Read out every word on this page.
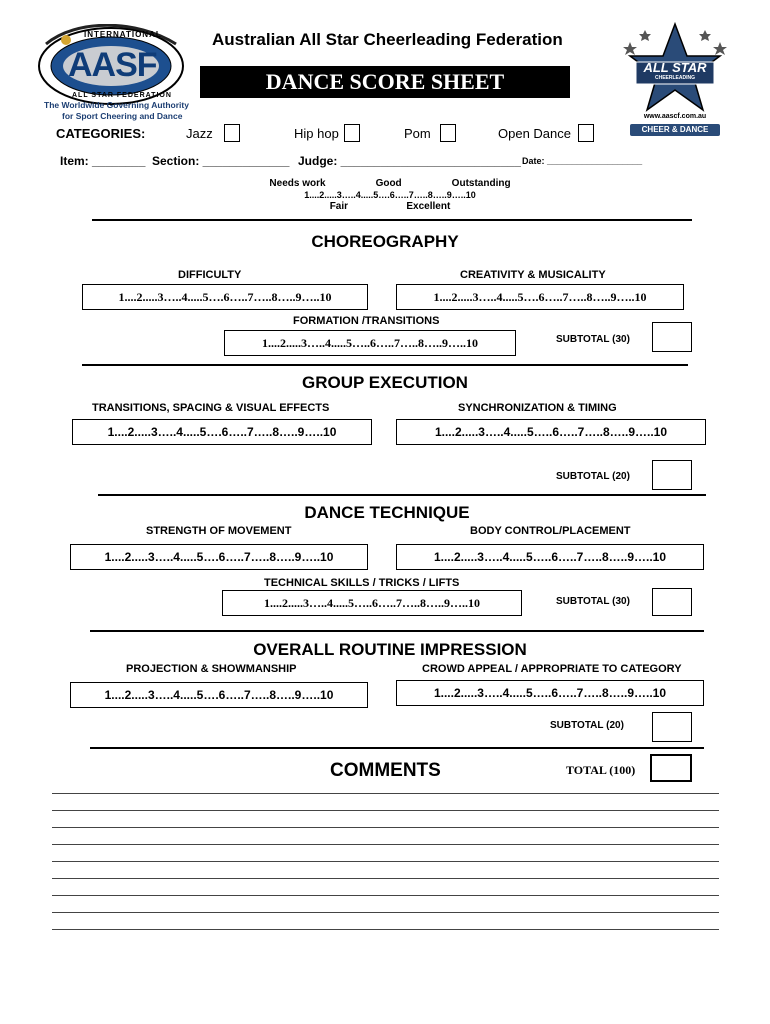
INTERNATIONAL
AASF
ALL STAR FEDERATION
The Worldwide Governing Authority
for Sport Cheering and Dance
ALL STAR
CHEERLEADING
www.aascf.com.au
CHEER & DANCE
Australian All Star Cheerleading Federation
DANCE SCORE SHEET
CATEGORIES:	Jazz	Hip hop	Pom	Open Dance
Item: ________ Section: _____________ Judge: ___________________________ Date: ___________________
Needs work                  Good                  Outstanding
1....2.....3…..4.....5….6…..7…..8…..9…..10
Fair                     Excellent
CHOREOGRAPHY
DIFFICULTY	CREATIVITY & MUSICALITY
1....2.....3…..4.....5….6…..7…..8…..9…..10	1....2.....3…..4.....5….6…..7…..8…..9…..10
FORMATION /TRANSITIONS
1....2.....3…..4.....5…..6…..7…..8…..9…..10	SUBTOTAL (30)
GROUP EXECUTION
TRANSITIONS, SPACING & VISUAL EFFECTS	SYNCHRONIZATION & TIMING
1....2.....3…..4.....5….6…..7…..8…..9…..10	1....2.....3…..4.....5…..6…..7…..8…..9…..10
SUBTOTAL (20)
DANCE TECHNIQUE
STRENGTH OF MOVEMENT	BODY CONTROL/PLACEMENT
1....2.....3…..4.....5….6…..7…..8…..9…..10	1....2.....3…..4.....5…..6…..7…..8…..9…..10
TECHNICAL SKILLS / TRICKS / LIFTS
1....2.....3…..4.....5…..6…..7…..8…..9…..10	SUBTOTAL (30)
OVERALL ROUTINE IMPRESSION
PROJECTION & SHOWMANSHIP	CROWD APPEAL / APPROPRIATE TO CATEGORY
1....2.....3…..4.....5….6…..7…..8…..9…..10	1....2.....3…..4.....5…..6…..7…..8…..9…..10
SUBTOTAL (20)
COMMENTS	TOTAL (100)
